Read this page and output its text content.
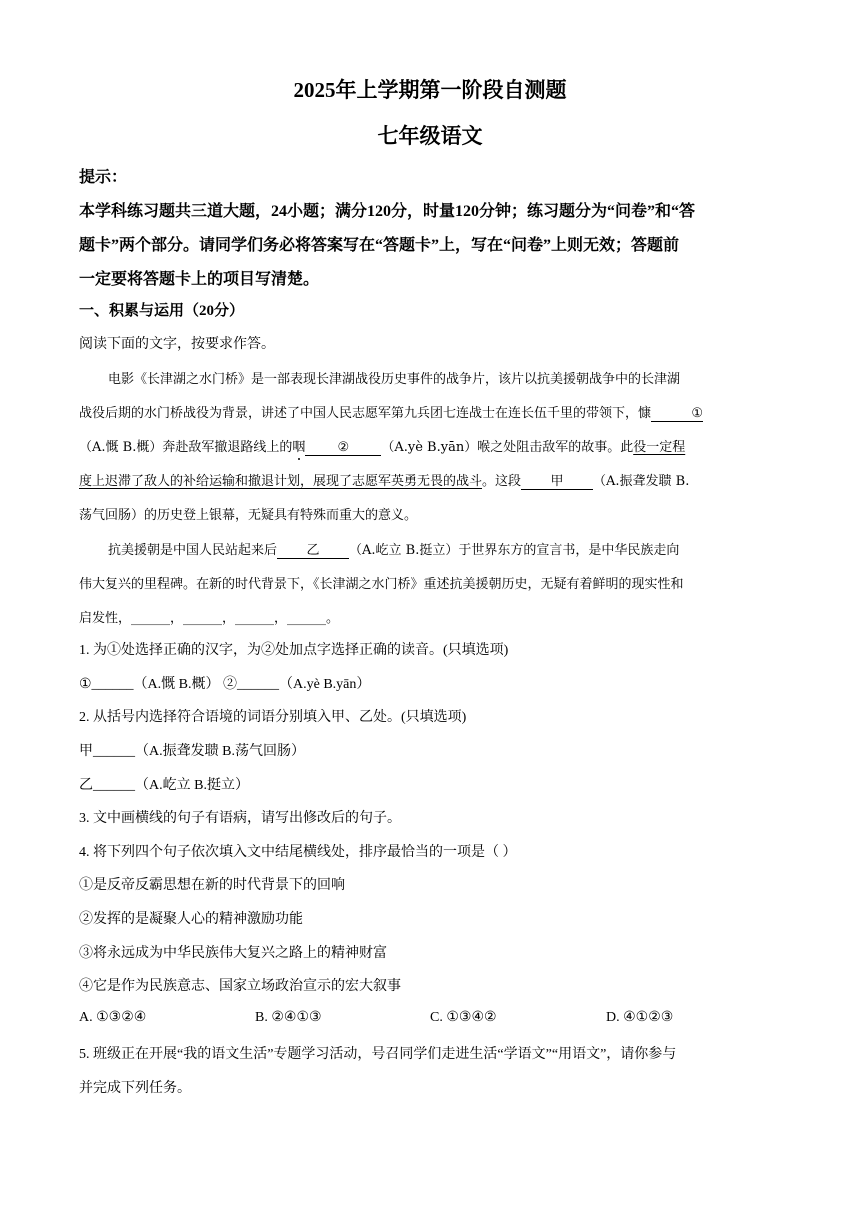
2025年上学期第一阶段自测题
七年级语文
提示：
本学科练习题共三道大题，24小题；满分120分，时量120分钟；练习题分为“问卷”和“答
题卡”两个部分。请同学们务必将答案写在“答题卡”上，写在“问卷”上则无效；答题前
一定要将答题卡上的项目写清楚。
一、积累与运用（20分）
阅读下面的文字，按要求作答。
电影《长津湖之水门桥》是一部表现长津湖战役历史事件的战争片，该片以抗美援朝战争中的长津湖
战役后期的水门桥战役为背景，讲述了中国人民志愿军第九兵团七连战士在连长伍千里的带领下，慷	①
（A.慨 B.概）奔赴敌军撤退路线上的咽 ② （A.yè B.yān）喉之处阻击敌军的故事。此役一定程
度上迟滞了敌人的补给运输和撤退计划，展现了志愿军英勇无畏的战斗。这段 甲 （A.振聋发聩 B.
荡气回肠）的历史登上银幕，无疑具有特殊而重大的意义。
抗美援朝是中国人民站起来后 乙 （A.屹立 B.挺立）于世界东方的宣言书，是中华民族走向
伟大复兴的里程碑。在新的时代背景下，《长津湖之水门桥》重述抗美援朝历史，无疑有着鲜明的现实性和
启发性，______，______，______，______。
1. 为①处选择正确的汉字，为②处加点字选择正确的读音。(只填选项)
①______（A.慨 B.概） ②______（A.yè B.yān）
2. 从括号内选择符合语境的词语分别填入甲、乙处。(只填选项)
甲______（A.振聋发聩 B.荡气回肠）
乙______（A.屹立 B.挺立）
3. 文中画横线的句子有语病，请写出修改后的句子。
4. 将下列四个句子依次填入文中结尾横线处，排序最恰当的一项是（ ）
①是反帝反霸思想在新的时代背景下的回响
②发挥的是凝聚人心的精神激励功能
③将永远成为中华民族伟大复兴之路上的精神财富
④它是作为民族意志、国家立场政治宣示的宏大叙事
A. ①③②④	B. ②④①③	C. ①③④②	D. ④①②③
5. 班级正在开展“我的语文生活”专题学习活动，号召同学们走进生活“学语文”“用语文”，请你参与
并完成下列任务。
